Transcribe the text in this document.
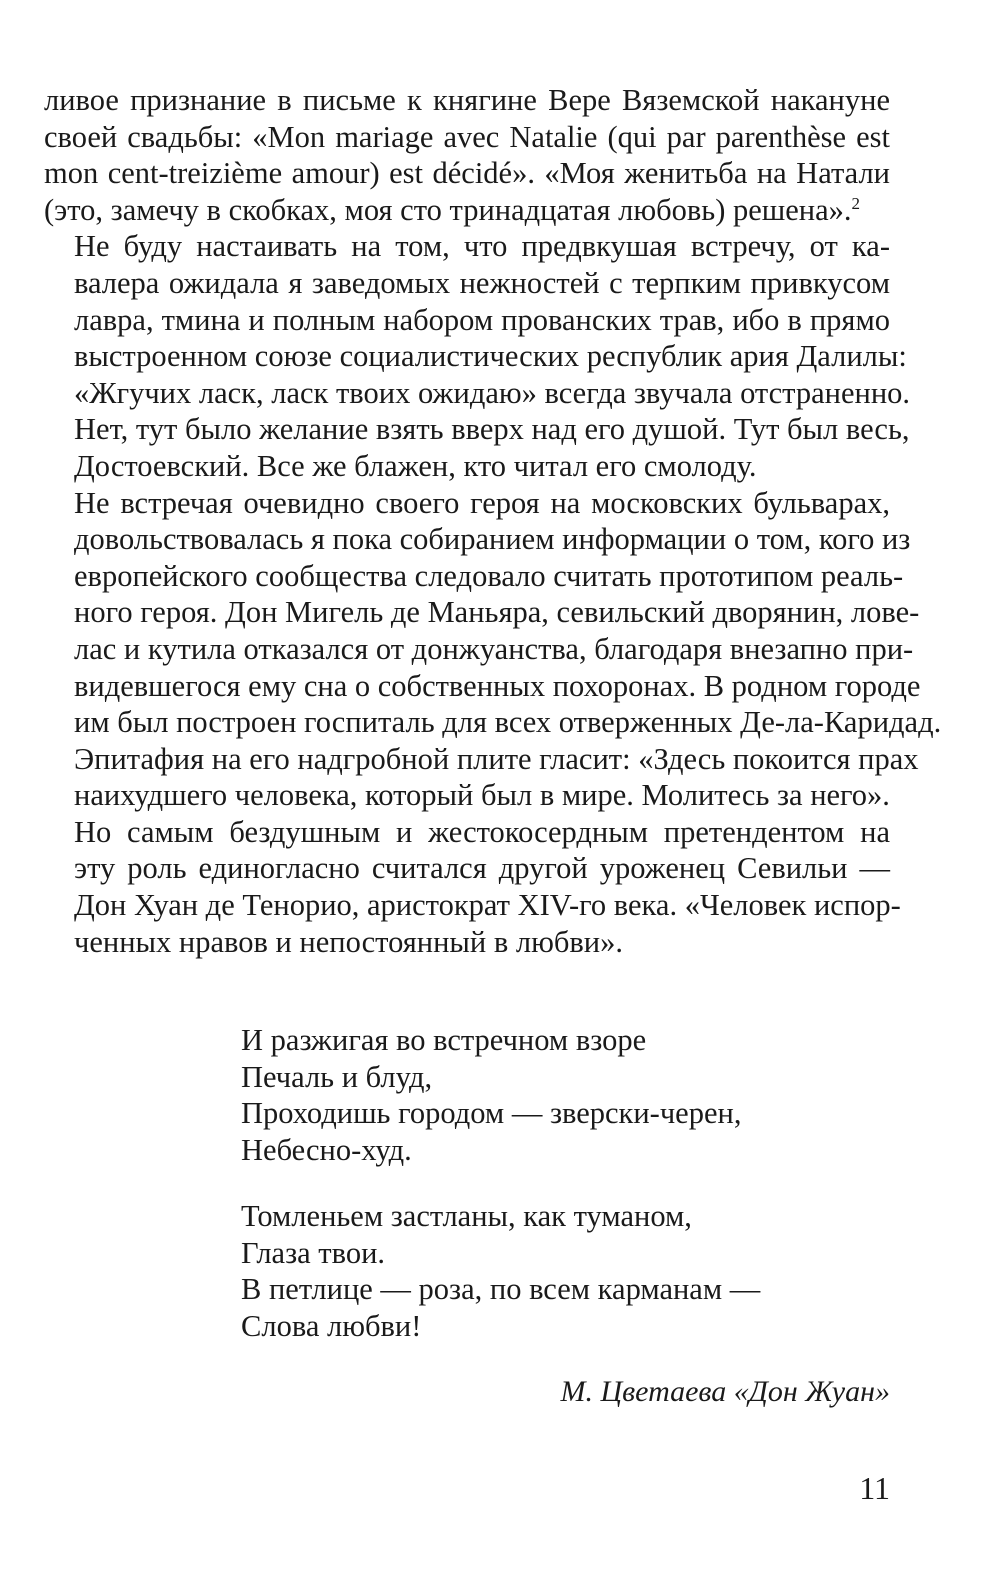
ливое признание в письме к княгине Вере Вяземской накануне
своей свадьбы: «Mon mariage avec Natalie (qui par parenthèse est
mon cent-treizième amour) est décidé». «Моя женитьба на Натали
(это, замечу в скобках, моя сто тринадцатая любовь) решена».$^2$

Не буду настаивать на том, что предвкушая встречу, от ка-
валера ожидала я заведомых нежностей с терпким привкусом
лавра, тмина и полным набором прованских трав, ибо в прямо
выстроенном союзе социалистических республик ария Далилы:
«Жгучих ласк, ласк твоих ожидаю» всегда звучала отстраненно.
Нет, тут было желание взять вверх над его душой. Тут был весь,
Достоевский. Все же блажен, кто читал его смолоду.

Не встречая очевидно своего героя на московских бульварах,
довольствовалась я пока собиранием информации о том, кого из
европейского сообщества следовало считать прототипом реаль-
ного героя. Дон Мигель де Маньяра, севильский дворянин, лове-
лас и кутила отказался от донжуанства, благодаря внезапно при-
видевшегося ему сна о собственных похоронах. В родном городе
им был построен госпиталь для всех отверженных Де-ла-Каридад.
Эпитафия на его надгробной плите гласит: «Здесь покоится прах
наихудшего человека, который был в мире. Молитесь за него».

Но самым бездушным и жестокосердным претендентом на
эту роль единогласно считался другой уроженец Севильи —
Дон Хуан де Тенорио, аристократ XIV-го века. «Человек испор-
ченных нравов и непостоянный в любви».

И разжигая во встречном взоре
Печаль и блуд,
Проходишь городом — зверски-черен,
Небесно-худ.

Томленьем застланы, как туманом,
Глаза твои.
В петлице — роза, по всем карманам —
Слова любви!

М. Цветаева «Дон Жуан»
11
